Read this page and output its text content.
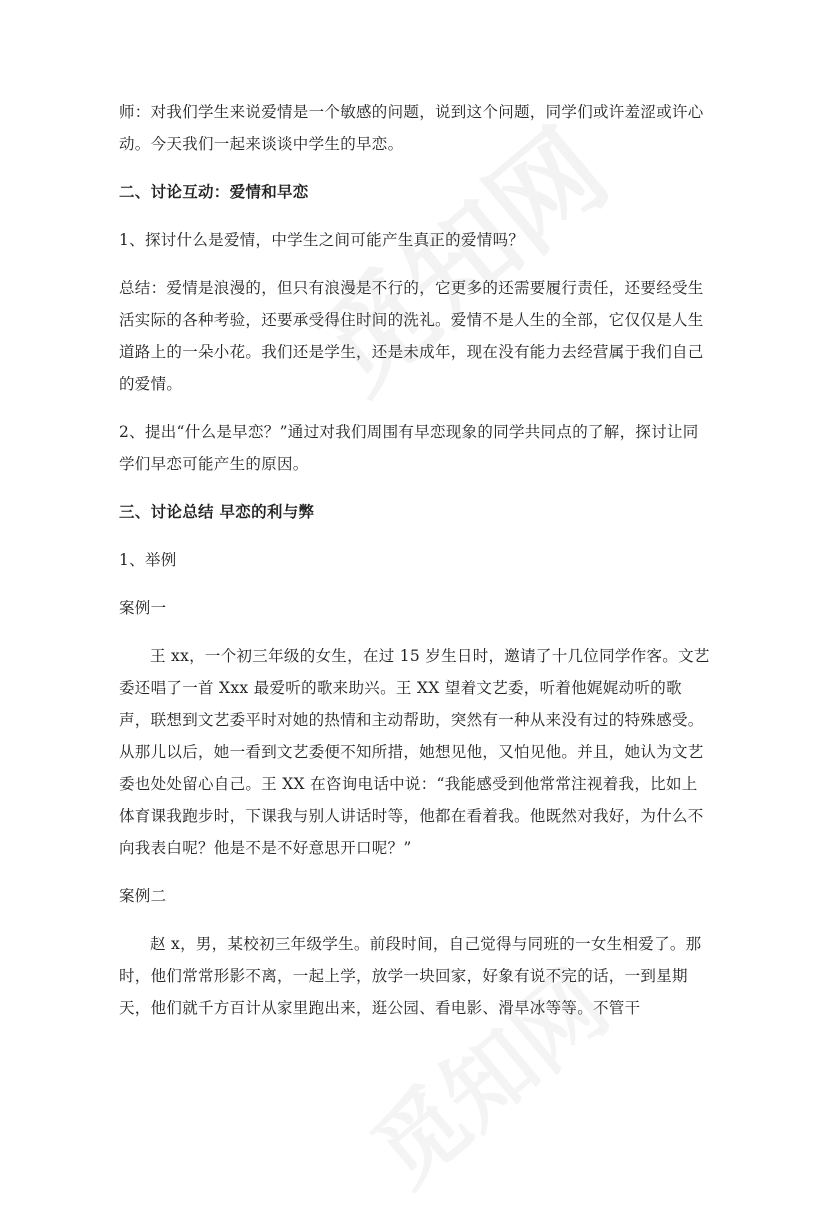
师：对我们学生来说爱情是一个敏感的问题，说到这个问题，同学们或许羞涩或许心动。今天我们一起来谈谈中学生的早恋。

二、讨论互动：爱情和早恋

1、探讨什么是爱情，中学生之间可能产生真正的爱情吗？

总结：爱情是浪漫的，但只有浪漫是不行的，它更多的还需要履行责任，还要经受生活实际的各种考验，还要承受得住时间的洗礼。爱情不是人生的全部，它仅仅是人生道路上的一朵小花。我们还是学生，还是未成年，现在没有能力去经营属于我们自己的爱情。

2、提出“什么是早恋？”通过对我们周围有早恋现象的同学共同点的了解，探讨让同学们早恋可能产生的原因。

三、讨论总结 早恋的利与弊

1、举例

案例一

王 xx，一个初三年级的女生，在过 15 岁生日时，邀请了十几位同学作客。文艺委还唱了一首 Xxx 最爱听的歌来助兴。王 XX 望着文艺委，听着他娓娓动听的歌声，联想到文艺委平时对她的热情和主动帮助，突然有一种从来没有过的特殊感受。从那儿以后，她一看到文艺委便不知所措，她想见他，又怕见他。并且，她认为文艺委也处处留心自己。王 XX 在咨询电话中说：“我能感受到他常常注视着我，比如上体育课我跑步时，下课我与别人讲话时等，他都在看着我。他既然对我好，为什么不向我表白呢？他是不是不好意思开口呢？”

案例二

赵 x，男，某校初三年级学生。前段时间，自己觉得与同班的一女生相爱了。那时，他们常常形影不离，一起上学，放学一块回家，好象有说不完的话，一到星期天，他们就千方百计从家里跑出来，逛公园、看电影、滑旱冰等等。不管干
